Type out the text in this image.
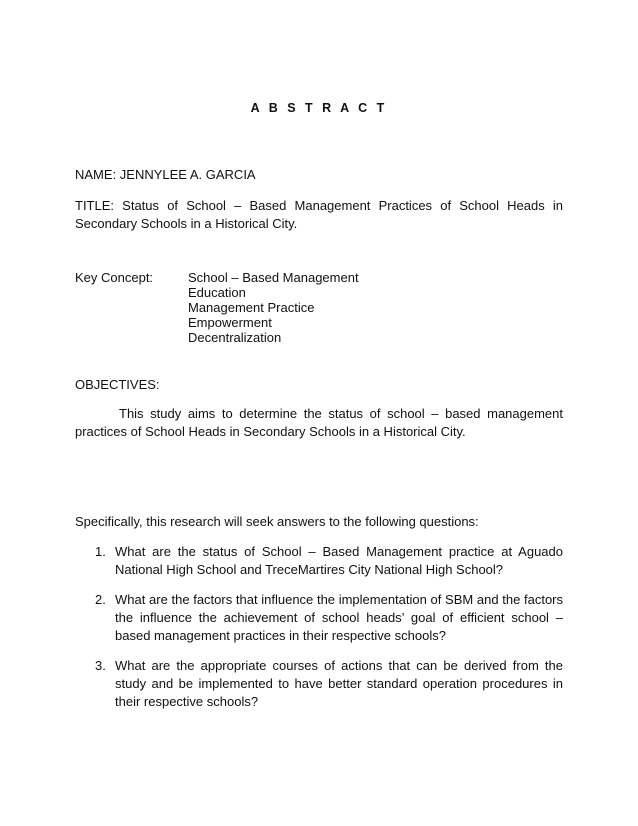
A B S T R A C T
NAME: JENNYLEE A. GARCIA
TITLE: Status of School – Based Management Practices of School Heads in Secondary Schools in a Historical City.
Key Concept:	School – Based Management
Education
Management Practice
Empowerment
Decentralization
OBJECTIVES:
This study aims to determine the status of school – based management practices of School Heads in Secondary Schools in a Historical City.
Specifically, this research will seek answers to the following questions:
1. What are the status of School – Based Management practice at Aguado National High School and TreceMartires City National High School?
2. What are the factors that influence the implementation of SBM and the factors the influence the achievement of school heads’ goal of efficient school – based management practices in their respective schools?
3. What are the appropriate courses of actions that can be derived from the study and be implemented to have better standard operation procedures in their respective schools?
